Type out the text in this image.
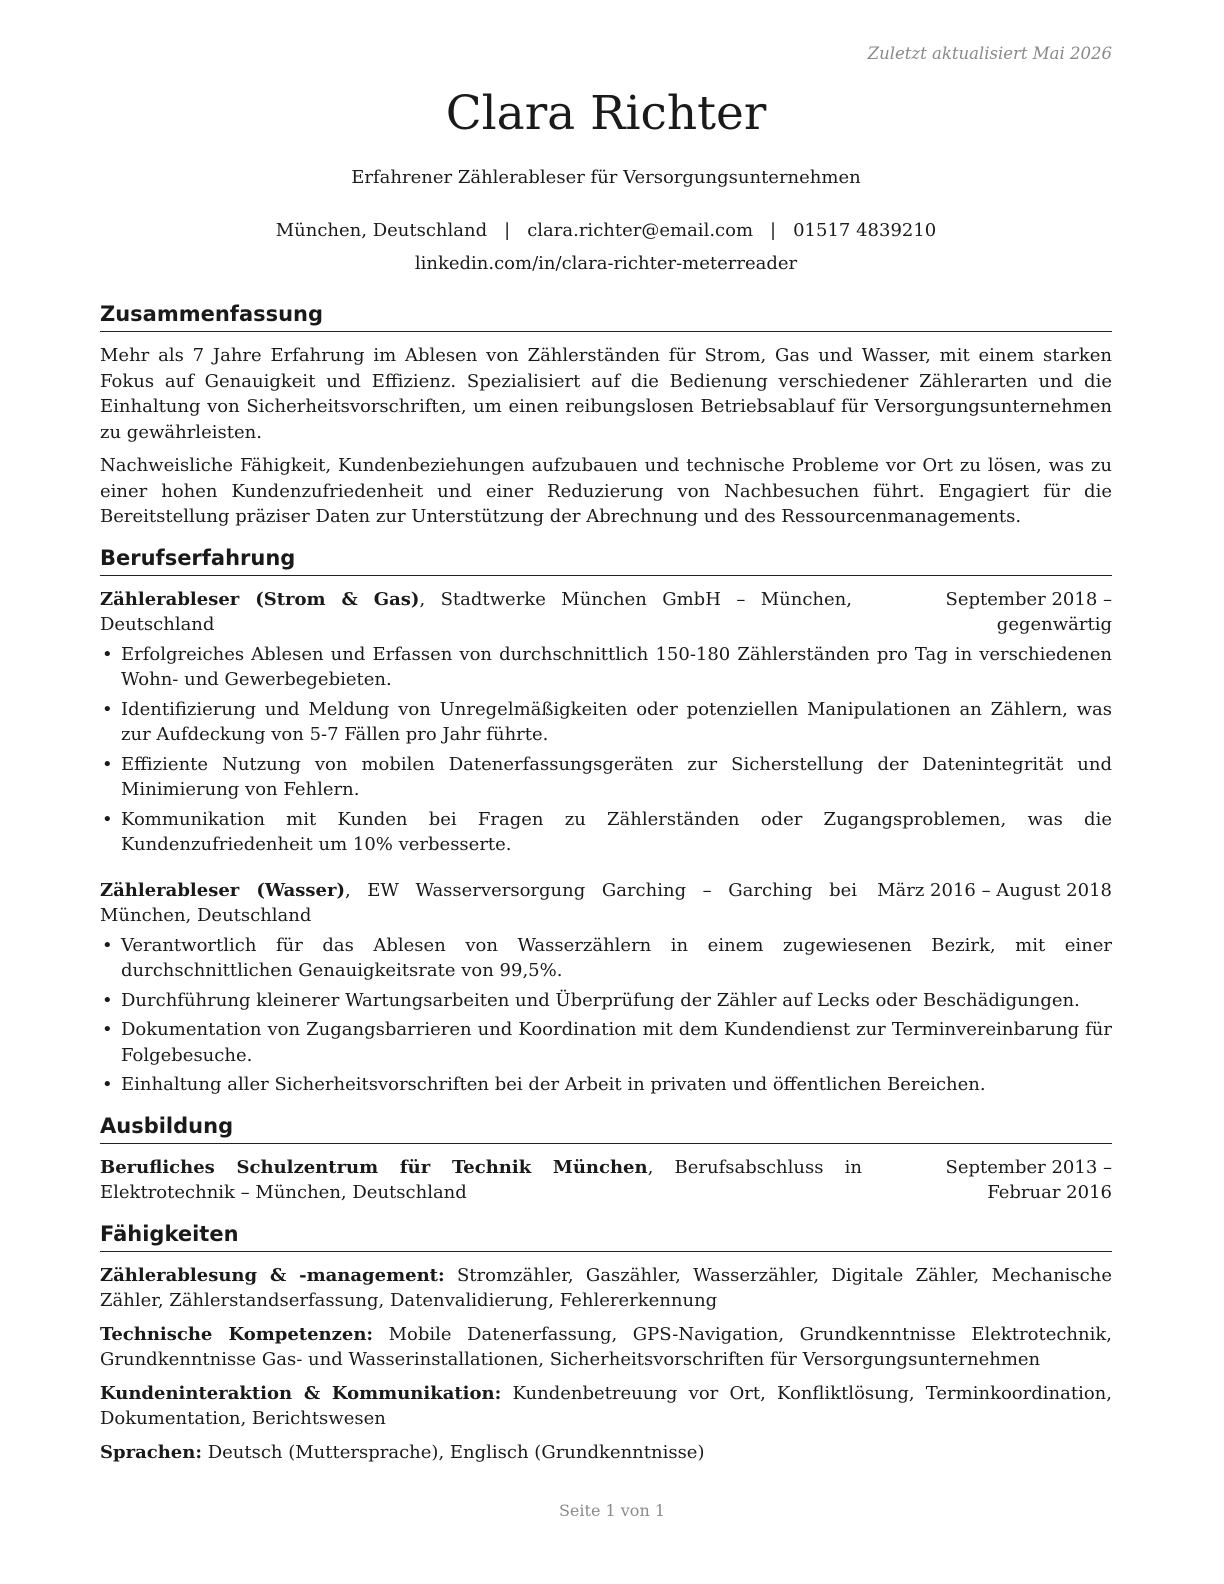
Zuletzt aktualisiert Mai 2026
Clara Richter
Erfahrener Zählerableser für Versorgungsunternehmen
München, Deutschland | clara.richter@email.com | 01517 4839210
linkedin.com/in/clara-richter-meterreader
Zusammenfassung

Mehr als 7 Jahre Erfahrung im Ablesen von Zählerständen für Strom, Gas und Wasser, mit einem starken Fokus auf Genauigkeit und Effizienz. Spezialisiert auf die Bedienung verschiedener Zählerarten und die Einhaltung von Sicherheitsvorschriften, um einen reibungslosen Betriebsablauf für Versorgungsunternehmen zu gewährleisten.

Nachweisliche Fähigkeit, Kundenbeziehungen aufzubauen und technische Probleme vor Ort zu lösen, was zu einer hohen Kundenzufriedenheit und einer Reduzierung von Nachbesuchen führt. Engagiert für die Bereitstellung präziser Daten zur Unterstützung der Abrechnung und des Ressourcenmanagements.

Berufserfahrung
Zählerableser (Strom & Gas), Stadtwerke München GmbH – München, Deutschland
September 2018 – gegenwärtig
• Erfolgreiches Ablesen und Erfassen von durchschnittlich 150-180 Zählerständen pro Tag in verschiedenen Wohn- und Gewerbegebieten.
• Identifizierung und Meldung von Unregelmäßigkeiten oder potenziellen Manipulationen an Zählern, was zur Aufdeckung von 5-7 Fällen pro Jahr führte.
• Effiziente Nutzung von mobilen Datenerfassungsgeräten zur Sicherstellung der Datenintegrität und Minimierung von Fehlern.
• Kommunikation mit Kunden bei Fragen zu Zählerständen oder Zugangsproblemen, was die Kundenzufriedenheit um 10% verbesserte.
Zählerableser (Wasser), EW Wasserversorgung Garching – Garching bei München, Deutschland
März 2016 – August 2018
• Verantwortlich für das Ablesen von Wasserzählern in einem zugewiesenen Bezirk, mit einer durchschnittlichen Genauigkeitsrate von 99,5%.
• Durchführung kleinerer Wartungsarbeiten und Überprüfung der Zähler auf Lecks oder Beschädigungen.
• Dokumentation von Zugangsbarrieren und Koordination mit dem Kundendienst zur Terminvereinbarung für Folgebesuche.
• Einhaltung aller Sicherheitsvorschriften bei der Arbeit in privaten und öffentlichen Bereichen.
Ausbildung
Berufliches Schulzentrum für Technik München, Berufsabschluss in Elektrotechnik – München, Deutschland
September 2013 – Februar 2016
Fähigkeiten

Zählerablesung & -management: Stromzähler, Gaszähler, Wasserzähler, Digitale Zähler, Mechanische Zähler, Zählerstandserfassung, Datenvalidierung, Fehlererkennung

Technische Kompetenzen: Mobile Datenerfassung, GPS-Navigation, Grundkenntnisse Elektrotechnik, Grundkenntnisse Gas- und Wasserinstallationen, Sicherheitsvorschriften für Versorgungsunternehmen

Kundeninteraktion & Kommunikation: Kundenbetreuung vor Ort, Konfliktlösung, Terminkoordination, Dokumentation, Berichtswesen

Sprachen: Deutsch (Muttersprache), Englisch (Grundkenntnisse)

Seite 1 von 1
